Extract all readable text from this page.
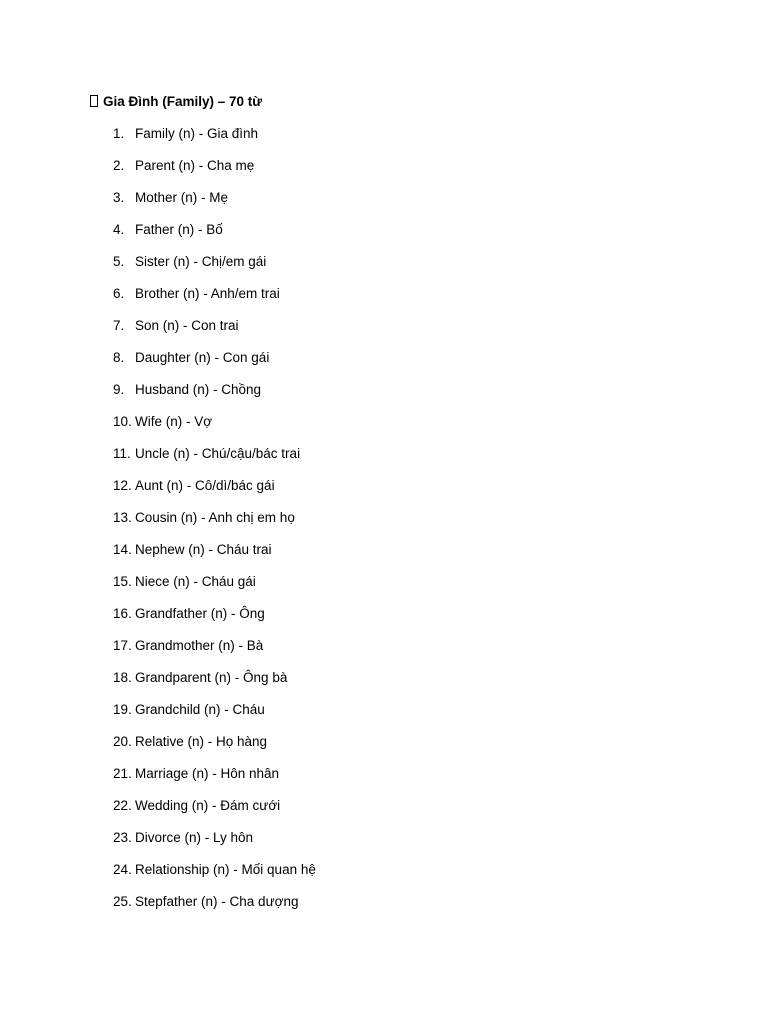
Gia Đình (Family) – 70 từ
1. Family (n) - Gia đình
2. Parent (n) - Cha mẹ
3. Mother (n) - Mẹ
4. Father (n) - Bố
5. Sister (n) - Chị/em gái
6. Brother (n) - Anh/em trai
7. Son (n) - Con trai
8. Daughter (n) - Con gái
9. Husband (n) - Chồng
10. Wife (n) - Vợ
11. Uncle (n) - Chú/cậu/bác trai
12. Aunt (n) - Cô/dì/bác gái
13. Cousin (n) - Anh chị em họ
14. Nephew (n) - Cháu trai
15. Niece (n) - Cháu gái
16. Grandfather (n) - Ông
17. Grandmother (n) - Bà
18. Grandparent (n) - Ông bà
19. Grandchild (n) - Cháu
20. Relative (n) - Họ hàng
21. Marriage (n) - Hôn nhân
22. Wedding (n) - Đám cưới
23. Divorce (n) - Ly hôn
24. Relationship (n) - Mối quan hệ
25. Stepfather (n) - Cha dượng
